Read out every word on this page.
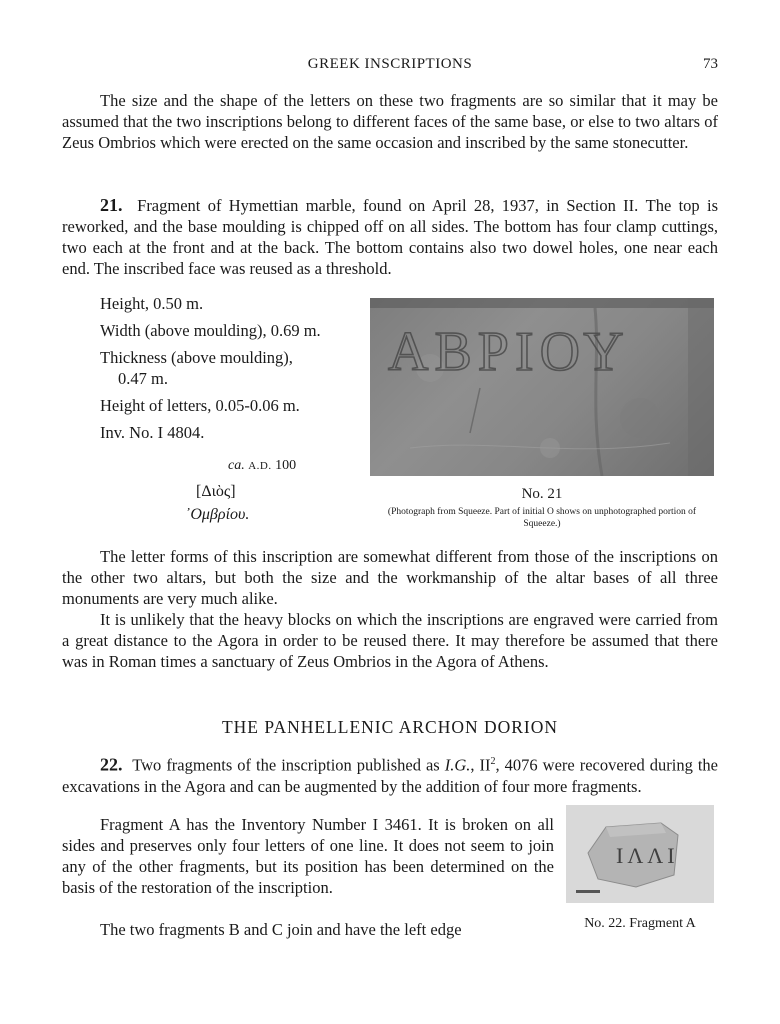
GREEK INSCRIPTIONS	73

The size and the shape of the letters on these two fragments are so similar that it may be assumed that the two inscriptions belong to different faces of the same base, or else to two altars of Zeus Ombrios which were erected on the same occasion and inscribed by the same stonecutter.

21. Fragment of Hymettian marble, found on April 28, 1937, in Section ΙΙ. The top is reworked, and the base moulding is chipped off on all sides. The bottom has four clamp cuttings, two each at the front and at the back. The bottom contains also two dowel holes, one near each end. The inscribed face was reused as a threshold.

Height, 0.50 m.
Width (above moulding), 0.69 m.
Thickness (above moulding),
0.47 m.
Height of letters, 0.05-0.06 m.
Inv. No. I 4804.
ca. A.D. 100
[Διὸς]
᾿Ομβρίου.
ΑΒΡΙΟΥ
No. 21
(Photograph from Squeeze. Part of initial O shows on unphotographed portion of Squeeze.)

The letter forms of this inscription are somewhat different from those of the inscriptions on the other two altars, but both the size and the workmanship of the altar bases of all three monuments are very much alike.

It is unlikely that the heavy blocks on which the inscriptions are engraved were carried from a great distance to the Agora in order to be reused there. It may therefore be assumed that there was in Roman times a sanctuary of Zeus Ombrios in the Agora of Athens.

THE PANHELLENIC ARCHON DORION

22. Two fragments of the inscription published as I.G., $II^2$, 4076 were recovered during the excavations in the Agora and can be augmented by the addition of four more fragments.

Fragment A has the Inventory Number I 3461. It is broken on all sides and preserves only four letters of one line. It does not seem to join any of the other fragments, but its position has been determined on the basis of the restoration of the inscription.

The two fragments B and C join and have the left edge

ΙΛΛΙ
No. 22. Fragment A
